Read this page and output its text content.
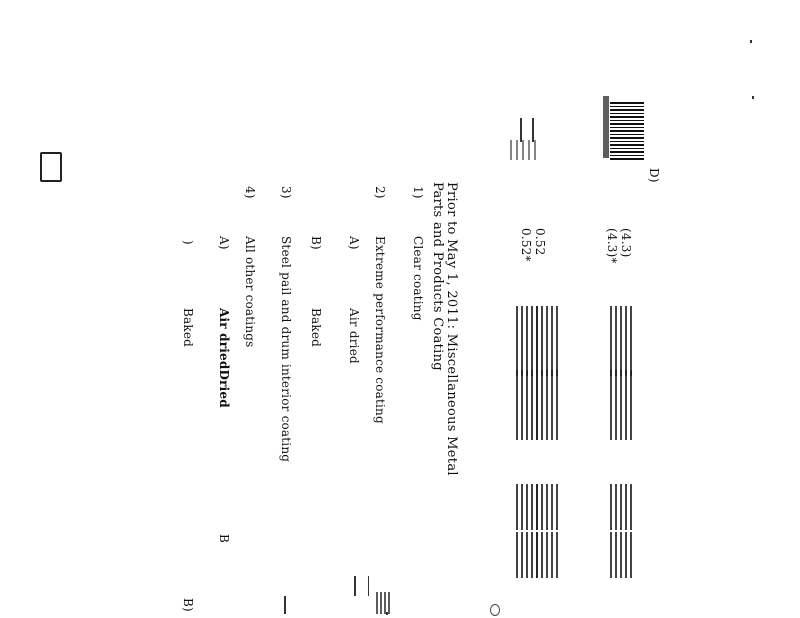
D)
(4.3)
(4.3)*
0.52
0.52*
Prior to May 1, 2011: Miscellaneous Metal
Parts and Products Coating
1)
Clear coating
2)
Extreme performance coating
A)
Air dried
B)
Baked
3)
Steel pail and drum interior coating
4)
All other coatings
A)
Air driedDried
)
Baked
B
B)
